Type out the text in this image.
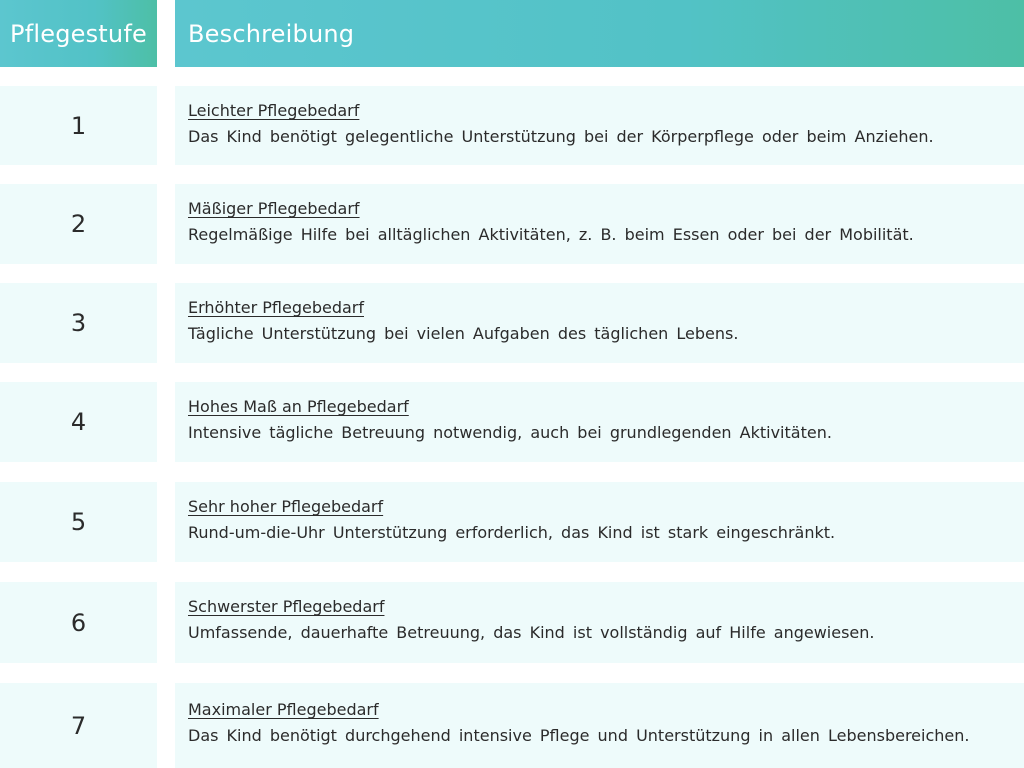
Pflegestufe	Beschreibung
1
Leichter Pflegebedarf
Das Kind benötigt gelegentliche Unterstützung bei der Körperpflege oder beim Anziehen.
2
Mäßiger Pflegebedarf
Regelmäßige Hilfe bei alltäglichen Aktivitäten, z. B. beim Essen oder bei der Mobilität.
3
Erhöhter Pflegebedarf
Tägliche Unterstützung bei vielen Aufgaben des täglichen Lebens.
4
Hohes Maß an Pflegebedarf
Intensive tägliche Betreuung notwendig, auch bei grundlegenden Aktivitäten.
5
Sehr hoher Pflegebedarf
Rund-um-die-Uhr Unterstützung erforderlich, das Kind ist stark eingeschränkt.
6
Schwerster Pflegebedarf
Umfassende, dauerhafte Betreuung, das Kind ist vollständig auf Hilfe angewiesen.
7
Maximaler Pflegebedarf
Das Kind benötigt durchgehend intensive Pflege und Unterstützung in allen Lebensbereichen.
